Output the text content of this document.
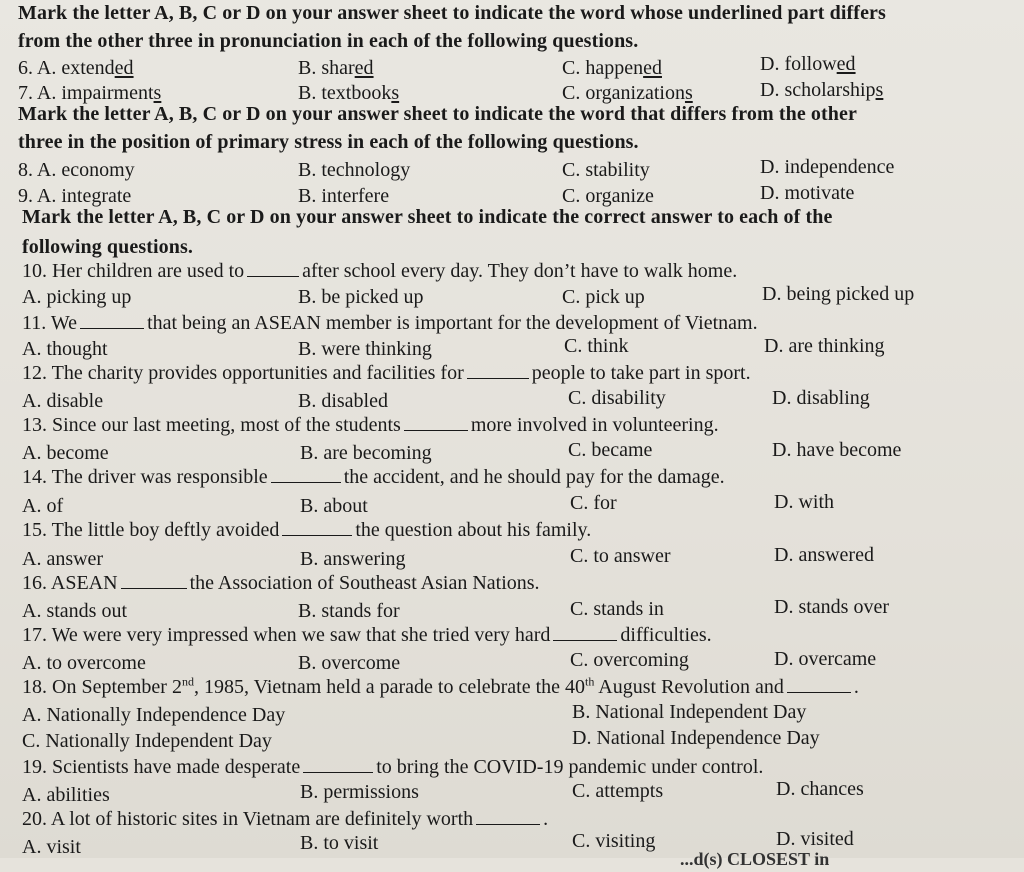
Mark the letter A, B, C or D on your answer sheet to indicate the word whose underlined part differs
from the other three in pronunciation in each of the following questions.
6. A. extended	B. shared	C. happened	D. followed
7. A. impairments	B. textbooks	C. organizations	D. scholarships
Mark the letter A, B, C or D on your answer sheet to indicate the word that differs from the other
three in the position of primary stress in each of the following questions.
8. A. economy	B. technology	C. stability	D. independence
9. A. integrate	B. interfere	C. organize	D. motivate
Mark the letter A, B, C or D on your answer sheet to indicate the correct answer to each of the
following questions.
10. Her children are used to	after school every day. They don’t have to walk home.
A. picking up	B. be picked up	C. pick up	D. being picked up
11. We	that being an ASEAN member is important for the development of Vietnam.
A. thought	B. were thinking	C. think	D. are thinking
12. The charity provides opportunities and facilities for	people to take part in sport.
A. disable	B. disabled	C. disability	D. disabling
13. Since our last meeting, most of the students	more involved in volunteering.
A. become	B. are becoming	C. became	D. have become
14. The driver was responsible	the accident, and he should pay for the damage.
A. of	B. about	C. for	D. with
15. The little boy deftly avoided	the question about his family.
A. answer	B. answering	C. to answer	D. answered
16. ASEAN	the Association of Southeast Asian Nations.
A. stands out	B. stands for	C. stands in	D. stands over
17. We were very impressed when we saw that she tried very hard	difficulties.
A. to overcome	B. overcome	C. overcoming	D. overcame
18. On September 2nd, 1985, Vietnam held a parade to celebrate the 40th August Revolution and	.
A. Nationally Independence Day	B. National Independent Day
C. Nationally Independent Day	D. National Independence Day
19. Scientists have made desperate	to bring the COVID-19 pandemic under control.
A. abilities	B. permissions	C. attempts	D. chances
20. A lot of historic sites in Vietnam are definitely worth	.
A. visit	B. to visit	C. visiting	D. visited
...d(s) CLOSEST in
